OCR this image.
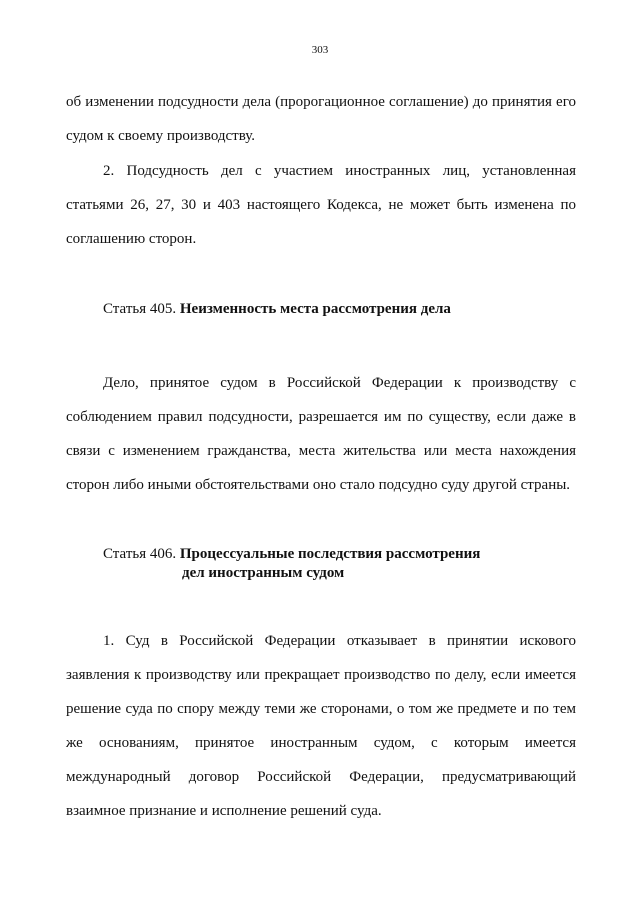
303

об изменении подсудности дела (пророгационное соглашение) до принятия его судом к своему производству.

2. Подсудность дел с участием иностранных лиц, установленная статьями 26, 27, 30 и 403 настоящего Кодекса, не может быть изменена по соглашению сторон.

Статья 405. Неизменность места рассмотрения дела

Дело, принятое судом в Российской Федерации к производству с соблюдением правил подсудности, разрешается им по существу, если даже в связи с изменением гражданства, места жительства или места нахождения сторон либо иными обстоятельствами оно стало подсудно суду другой страны.

Статья 406. Процессуальные последствия рассмотрения
дел иностранным судом

1. Суд в Российской Федерации отказывает в принятии искового заявления к производству или прекращает производство по делу, если имеется решение суда по спору между теми же сторонами, о том же предмете и по тем же основаниям, принятое иностранным судом, с которым имеется международный договор Российской Федерации, предусматривающий взаимное признание и исполнение решений суда.
